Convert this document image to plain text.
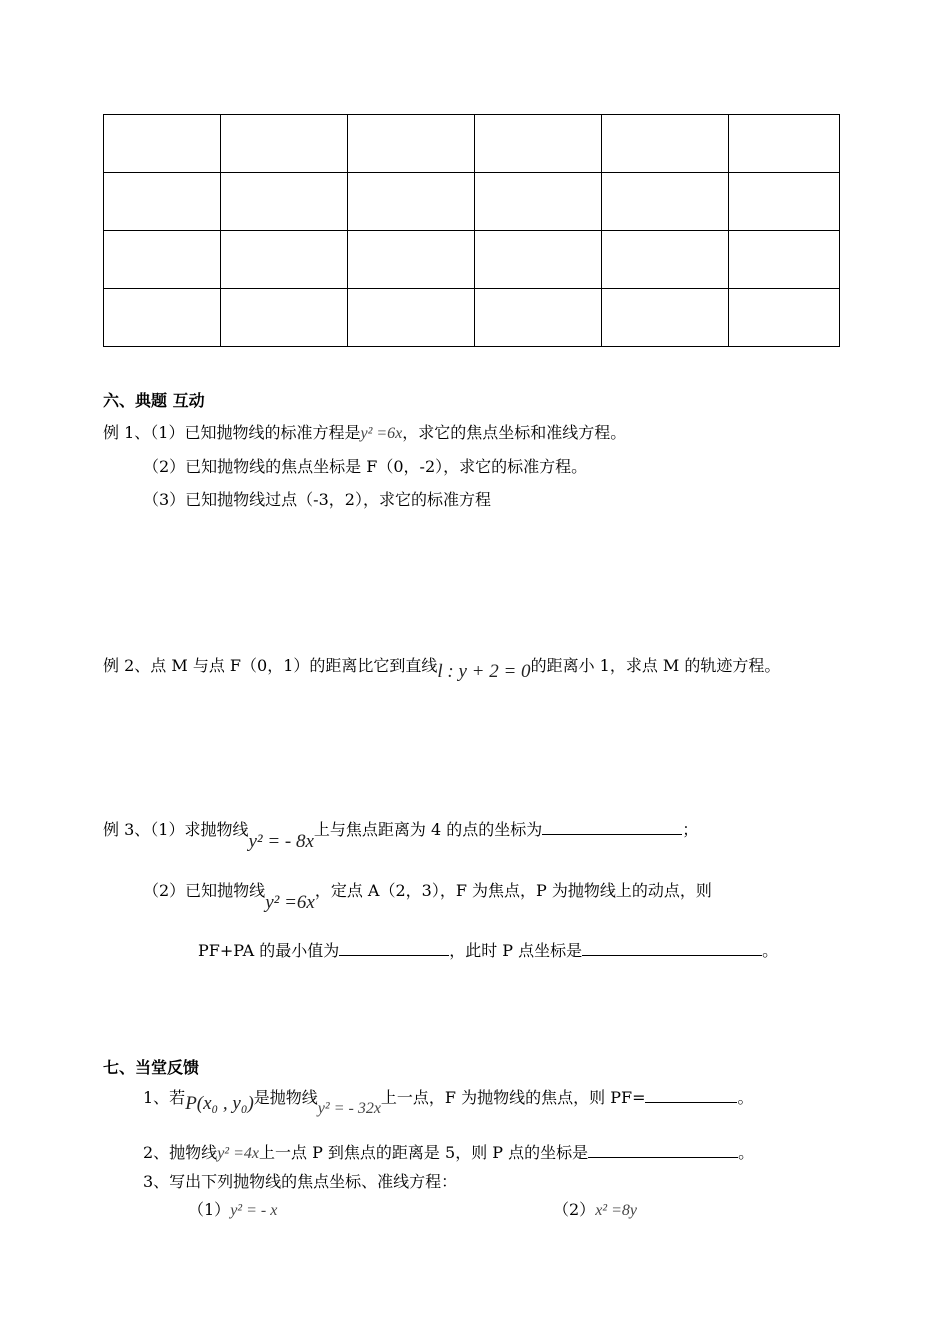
六、典题 互动
例 1、（1）已知抛物线的标准方程是y² =6x，求它的焦点坐标和准线方程。
（2）已知抛物线的焦点坐标是 F（0，-2），求它的标准方程。
（3）已知抛物线过点（-3，2），求它的标准方程
例 2、点 M 与点 F（0，1）的距离比它到直线l : y + 2 = 0的距离小 1，求点 M 的轨迹方程。
例 3、（1）求抛物线y² = - 8x上与焦点距离为 4 的点的坐标为	；
（2）已知抛物线y² =6x，定点 A（2，3），F 为焦点，P 为抛物线上的动点，则
PF+PA 的最小值为	，此时 P 点坐标是	。
七、当堂反馈
1、若P(x₀ , y₀)是抛物线y² = - 32x上一点，F 为抛物线的焦点，则 PF=	。
2、抛物线y² =4x上一点 P 到焦点的距离是 5，则 P 点的坐标是	。
3、写出下列抛物线的焦点坐标、准线方程：
（1）y² = - x	（2）x² =8y
